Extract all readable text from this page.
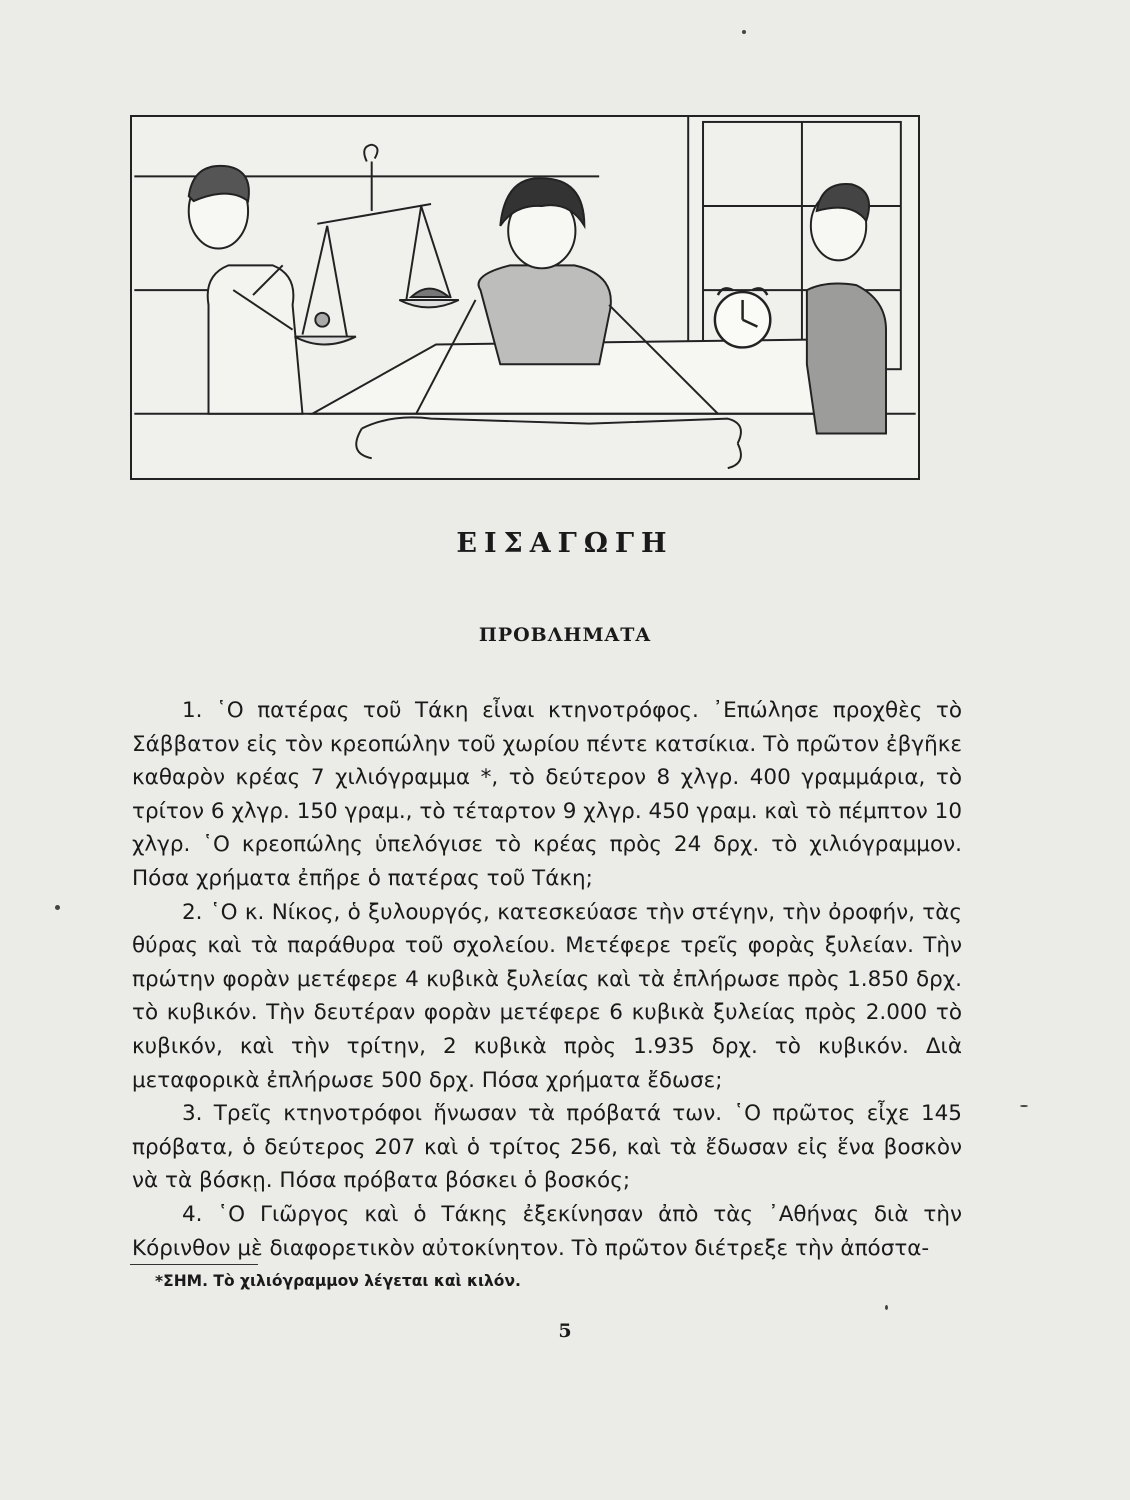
ΕΙΣΑΓΩΓΗ
ΠΡΟΒΛΗΜΑΤΑ

1. ῾Ο πατέρας τοῦ Τάκη εἶναι κτηνοτρόφος. ᾽Επώλησε προχθὲς τὸ Σάββατον εἰς τὸν κρεοπώλην τοῦ χωρίου πέντε κατσίκια. Τὸ πρῶτον ἐβγῆκε καθαρὸν κρέας 7 χιλιόγραμμα *, τὸ δεύτερον 8 χλγρ. 400 γραμμάρια, τὸ τρίτον 6 χλγρ. 150 γραμ., τὸ τέταρτον 9 χλγρ. 450 γραμ. καὶ τὸ πέμπτον 10 χλγρ. ῾Ο κρεοπώλης ὑπελόγισε τὸ κρέας πρὸς 24 δρχ. τὸ χιλιόγραμμον. Πόσα χρήματα ἐπῆρε ὁ πατέρας τοῦ Τάκη;

2. ῾Ο κ. Νίκος, ὁ ξυλουργός, κατεσκεύασε τὴν στέγην, τὴν ὀροφήν, τὰς θύρας καὶ τὰ παράθυρα τοῦ σχολείου. Μετέφερε τρεῖς φορὰς ξυλείαν. Τὴν πρώτην φορὰν μετέφερε 4 κυβικὰ ξυλείας καὶ τὰ ἐπλήρωσε πρὸς 1.850 δρχ. τὸ κυβικόν. Τὴν δευτέραν φορὰν μετέφερε 6 κυβικὰ ξυλείας πρὸς 2.000 τὸ κυβικόν, καὶ τὴν τρίτην, 2 κυβικὰ πρὸς 1.935 δρχ. τὸ κυβικόν. Διὰ μεταφορικὰ ἐπλήρωσε 500 δρχ. Πόσα χρήματα ἔδωσε;

3. Τρεῖς κτηνοτρόφοι ἥνωσαν τὰ πρόβατά των. ῾Ο πρῶτος εἶχε 145 πρόβατα, ὁ δεύτερος 207 καὶ ὁ τρίτος 256, καὶ τὰ ἔδωσαν εἰς ἕνα βοσκὸν νὰ τὰ βόσκῃ. Πόσα πρόβατα βόσκει ὁ βοσκός;

4. ῾Ο Γιῶργος καὶ ὁ Τάκης ἐξεκίνησαν ἀπὸ τὰς ᾽Αθήνας διὰ τὴν Κόρινθον μὲ διαφορετικὸν αὐτοκίνητον. Τὸ πρῶτον διέτρεξε τὴν ἀπόστα-

*ΣΗΜ. Τὸ χιλιόγραμμον λέγεται καὶ κιλόν.
5
